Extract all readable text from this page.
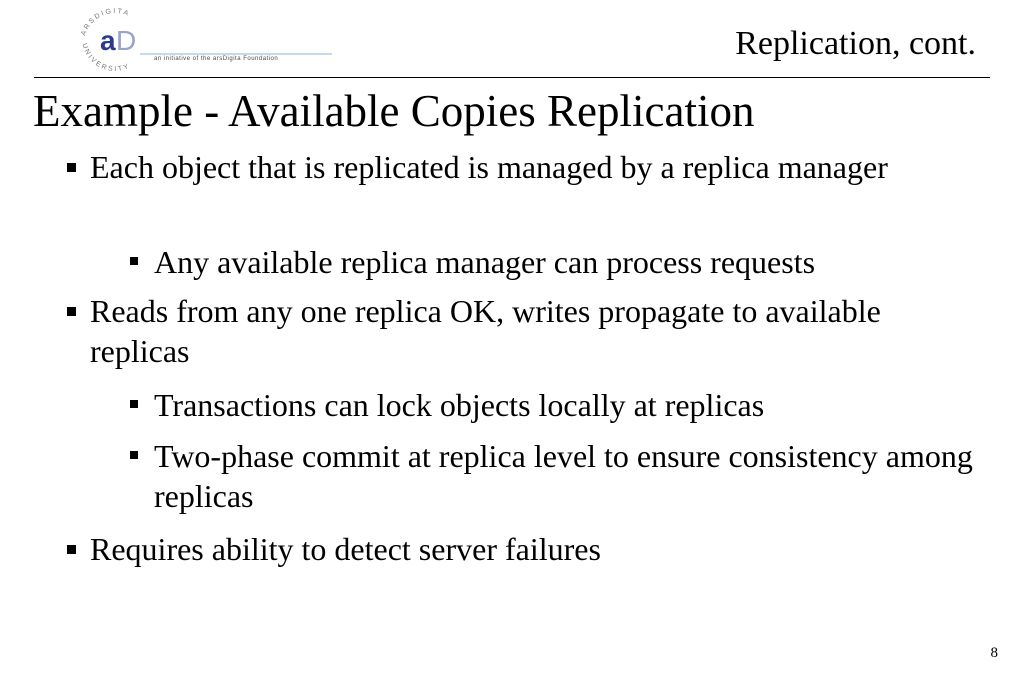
ARSDIGITA
UNIVERSITY
a D
an initiative of the arsDigita Foundation	Replication, cont.
Example - Available Copies Replication
Each object that is replicated is managed by a replica manager
Any available replica manager can process requests
Reads from any one replica OK, writes propagate to available replicas
Transactions can lock objects locally at replicas
Two-phase commit at replica level to ensure consistency among replicas
Requires ability to detect server failures
8
